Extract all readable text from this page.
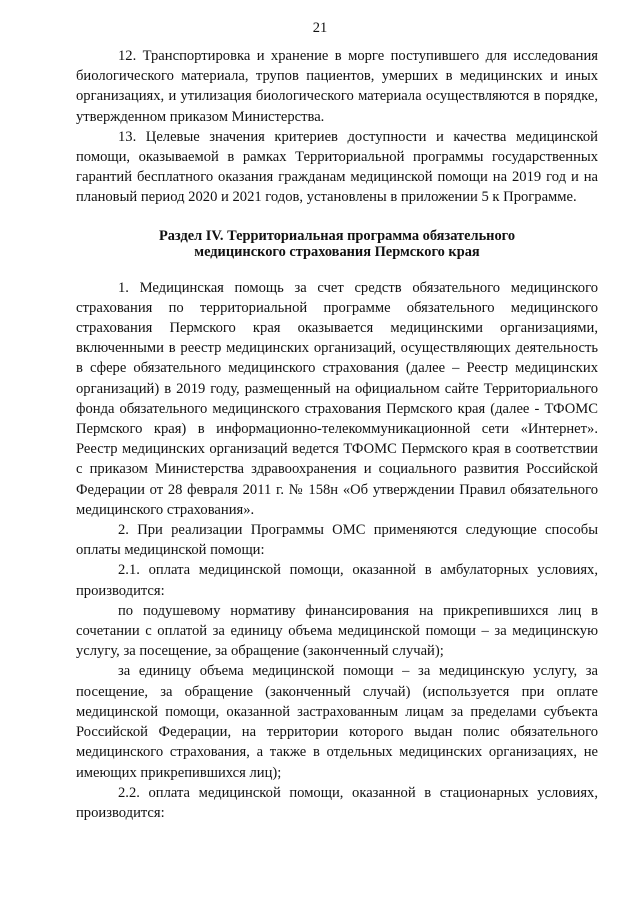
21

12. Транспортировка и хранение в морге поступившего для исследования биологического материала, трупов пациентов, умерших в медицинских и иных организациях, и утилизация биологического материала осуществляются в порядке, утвержденном приказом Министерства.

13. Целевые значения критериев доступности и качества медицинской помощи, оказываемой в рамках Территориальной программы государственных гарантий бесплатного оказания гражданам медицинской помощи на 2019 год и на плановый период 2020 и 2021 годов, установлены в приложении 5 к Программе.

Раздел IV. Территориальная программа обязательного
медицинского страхования Пермского края

1. Медицинская помощь за счет средств обязательного медицинского страхования по территориальной программе обязательного медицинского страхования Пермского края оказывается медицинскими организациями, включенными в реестр медицинских организаций, осуществляющих деятельность в сфере обязательного медицинского страхования (далее – Реестр медицинских организаций) в 2019 году, размещенный на официальном сайте Территориального фонда обязательного медицинского страхования Пермского края (далее - ТФОМС Пермского края) в информационно-телекоммуникационной сети «Интернет». Реестр медицинских организаций ведется ТФОМС Пермского края в соответствии с приказом Министерства здравоохранения и социального развития Российской Федерации от 28 февраля 2011 г. № 158н «Об утверждении Правил обязательного медицинского страхования».

2. При реализации Программы ОМС применяются следующие способы оплаты медицинской помощи:

2.1. оплата медицинской помощи, оказанной в амбулаторных условиях, производится:

по подушевому нормативу финансирования на прикрепившихся лиц в сочетании с оплатой за единицу объема медицинской помощи – за медицинскую услугу, за посещение, за обращение (законченный случай);

за единицу объема медицинской помощи – за медицинскую услугу, за посещение, за обращение (законченный случай) (используется при оплате медицинской помощи, оказанной застрахованным лицам за пределами субъекта Российской Федерации, на территории которого выдан полис обязательного медицинского страхования, а также в отдельных медицинских организациях, не имеющих прикрепившихся лиц);

2.2. оплата медицинской помощи, оказанной в стационарных условиях, производится:
